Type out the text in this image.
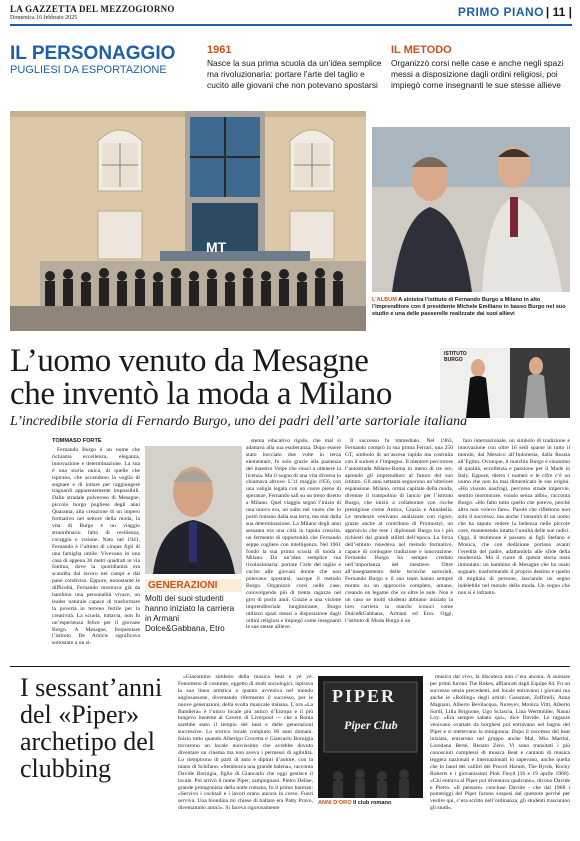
LA GAZZETTA DEL MEZZOGIORNO
Domenica 16 febbraio 2025	PRIMO PIANO | 11 |
IL PERSONAGGIO
PUGLIESI DA ESPORTAZIONE
1961
Nasce la sua prima scuola da un’idea semplice ma rivoluzionaria: portare l’arte del taglio e cucito alle giovani che non potevano spostarsi
IL METODO
Organizzò corsi nelle case e anche negli spazi messi a disposizione dagli ordini religiosi, poi impiegò come insegnanti le sue stesse allieve
MT
L’ALBUM A sinistra l’istituto di Fernando Burgo a Milano in alto l’imprenditore con il presidente Michele Emiliano in basso Burgo nel suo studio e una delle passerelle realizzate dai suoi allievi
L’uomo venuto da Mesagne
che inventò la moda a Milano
ISTITUTO BURGO
L’incredibile storia di Fernardo Burgo, uno dei padri dell’arte sartoriale italiana
TOMMASO FORTE

Fernando Burgo è un nome che richiama eccellenza, eleganza, innovazione e determinazione. La sua è una storia unica, di quelle che ispirano, che accendono la voglia di sognare e di lottare per raggiungere traguardi apparentemente impossibili. Dallo stradale polveroso di Mesagne, piccolo borgo pugliese degli anni Quaranta, alla creazione di un impero formativo nel settore della moda, la vita di Burgo è un viaggio straordinario fatto di resilienza, coraggio e visione. Nato nel 1941, Fernando è l’ultimo di cinque figli di una famiglia umile. Vivevano in una casa di appena 36 metri quadrati in via Iontina, dove la quotidianità era scandita dal lavoro nei campi e dal pane condiviso. Eppure, nonostante le difficoltà, Fernando mostrava già da bambino una personalità vivace, un leader naturale capace di trasformare la povertà in terreno fertile per la creatività. La scuola, tuttavia, non fu un’esperienza felice per il giovane Burgo. A Mesagne, frequentare l’istituto De Amicis significava sottostare a un si-

GENERAZIONI
Molti dei suoi studenti hanno iniziato la carriera in Armani Dolce&Gabbana, Etro

stema educativo rigido, che mal si adattava alla sua esuberanza. Dopo essere stato bocciato due volte in terza elementare, fu solo grazie alla pazienza del maestro Volpe che riuscì a ottenere la licenza. Ma il sogno di una vita diversa lo chiamava altrove. L’11 maggio 1956, con una valigia legata con un cuore pieno di speranze, Fernando salì su un treno diretto a Milano. Quel viaggio segnò l’inizio di una nuova era, un salto nel vuoto che lo portò lontano dalla sua terra, ma mai dalla sua determinazione. La Milano degli anni sessanta era una città in rapida crescita, un fermento di opportunità che Fernando seppe cogliere con intelligenza. Nel 1961 fondò la sua prima scuola di moda a Milano. Da un’idea semplice ma rivoluzionaria: portare l’arte del taglio e cucito alle giovani donne che non potevano spostarsi, nacque il metodo Burgo. Organizzò corsi nelle case, coinvolgendo più di trenta ragazze nel giro di pochi anni. Grazie a una visione imprenditoriale lungimirante, Burgo utilizzò spazi messi a disposizione dagli ordini religiosi e impiegò come insegnanti le sue stesse allieve.

Il successo fu immediato. Nel 1963, Fernando comprò la sua prima Ferrari, una 250 GT, simbolo di un’ascesa rapida ma costruita con il sudore e l’impegno. Il mentore percorrere l’autostrada Milano-Roma in meno di tre ore, aprendo gli imprenditori al futuro del suo istituto. Gli anni settanta segnarono un’ulteriore espansione. Milano, ormai capitale della moda, divenne il trampolino di lancio per l’istituto Burgo, che iniziò a collaborare con ricche prestigiose come Amica, Grazia e Annabella. Le tendenze venivano analizzate con rigore, grazie anche al contributo di Promostyl, un approccio che rese i diplomati Burgo tra i più richiesti dai grandi stilisti dell’epoca. La forza dell’istituto risiedeva nel metodo formativo, capace di coniugare tradizione e innovazione. Fernando Burgo ha sempre creduto nell’importanza del mestiere. Oltre all’insegnamento delle tecniche sartoriali, Fernando Burgo e il suo team hanno sempre mirato su un approccio completo, umano, creando un legame che va oltre le aule. Non è un caso se molti studenti abbiano iniziato la loro carriera in marchi iconici come Dolce&Gabbana, Armani ed Etro. Oggi, l’istituto di Moda Burgo è un

faro internazionale, un simbolo di tradizione e innovazione con oltre 16 sedi sparse in tutto il mondo, dal Messico all’Indonesia, dalla Russia all’Egitto. Ovunque, il marchio Burgo è sinonimo di qualità, eccellenza e passione per il Made in Italy. Eppure, dietro i numeri e le cifre c’è un uomo che non ha mai dimenticato le sue origini. «Ho vissuto naufragi, percorso strade impervie, sentito mormorare, voluto senza alibi», racconta Burgo. «Ho fatto tutto quello che potevo, perché altro non volevo fare». Parole che riflettono non solo il successo, ma anche l’umanità di un uomo che ha saputo vedere la bellezza nelle piccole cose, mantenendo intatta l’umiltà delle sue radici. Oggi, il testimone è passato ai figli Stefano e Monica, che con dedizione portano avanti l’eredità del padre, adattandola alle sfide della modernità. Ma il cuore di questa storia resta immutato: un bambino di Mesagne che ha osato sognare, trasformando il proprio destino e quello di migliaia di persone, lasciando un segno indelebile nel mondo della moda. Un sogno che non si è infranto.

I sessant’anni del «Piper» archetipo del clubbing

«Giacomino simbolo della musica beat e yé yé. Fenomeno di costume, oggetto di studi sociologici, ispirava la sua linea artistica a quanto avveniva nel mondo anglosassone, diventando rifermento il successo, per le nuove generazioni, della svolta musicale italiana. L’ora «La Bandiera» è l’unico locale più antico d’Europa e il più longevo insieme al Cavern di Liverpool — che a Roma sarebbe stato il tempio del beat e delle generazioni successive. Lo storico locale compiuto 60 anni domani. Inizio tutto quando Alberigo Crocetta e Giancarlo Bornigia trovarono un locale nuovissimo che avrebbe dovuto diventare un cinema ma non aveva i permessi di agibilità. Lo riempirono di parti di auto e dipinti d’autore, con la mano di Schifano. «Sembrava una grande balena», racconta Davide Bornigia, figlio di Giancarlo che oggi gestisce il locale. Poi arrivò il nome Piper, zampognaro. Pietro Delise, grande protagonista della notte romana, fu il primo barman: «Servivo i cocktail e i lavori erano ancora in corso. Fuori serviva. Una biondina mi chiese di ballare era Patty Pravo, diventammo amici». Si faceva rigorosamente

PIPER
Piper Club
ANNI D’ORO Il club romano

musica dal vivo, la discoteca non c’era ancora. A suonare per primi furono The Rokes, affiancati dagli Equipe 84. Fu un successo senza precedenti, nel locale entravano i giovani ma anche le «Rolling» degli artisti: Gassman, Zeffirelli, Anna Magnani, Alberto Bevilacqua, Nureyev, Monica Vitti, Alberto Sordi, Lilla Brignone, Ugo Sciascia, Lina Wertmüller, Nanni Loy. «Era sempre sabato qui», dice Davide. Le ragazze venivano ovattate da borghesi poi entravano nel bagno del Piper e si mettevano la minigonna. Dopo il successo del beat iniziata, entrarono nel gruppo anche Mal, Mia Martini, Loredana Bertè, Renato Zero. Vi sono transitati i più conosciuti complessi di musica Beat e cantanti di musica leggera nazionali e internazionali lo sapevano, anche quella che lo band dei calibri dei Procol Harum, The Byrds, Rocky Roberts e i giovanissimi Pink Floyd (16 e 19 aprile 1968). «Chi entrava al Piper poi diventava qualcuno», dicono Davide e Pietro. «Il pensare» concluse Davide - che dal 1968 i pomeriggi del Piper furono sospesi dal questore perché per vestire qui, c’era scritto nell’ordinanza, gli studenti trascurano gli studi».
